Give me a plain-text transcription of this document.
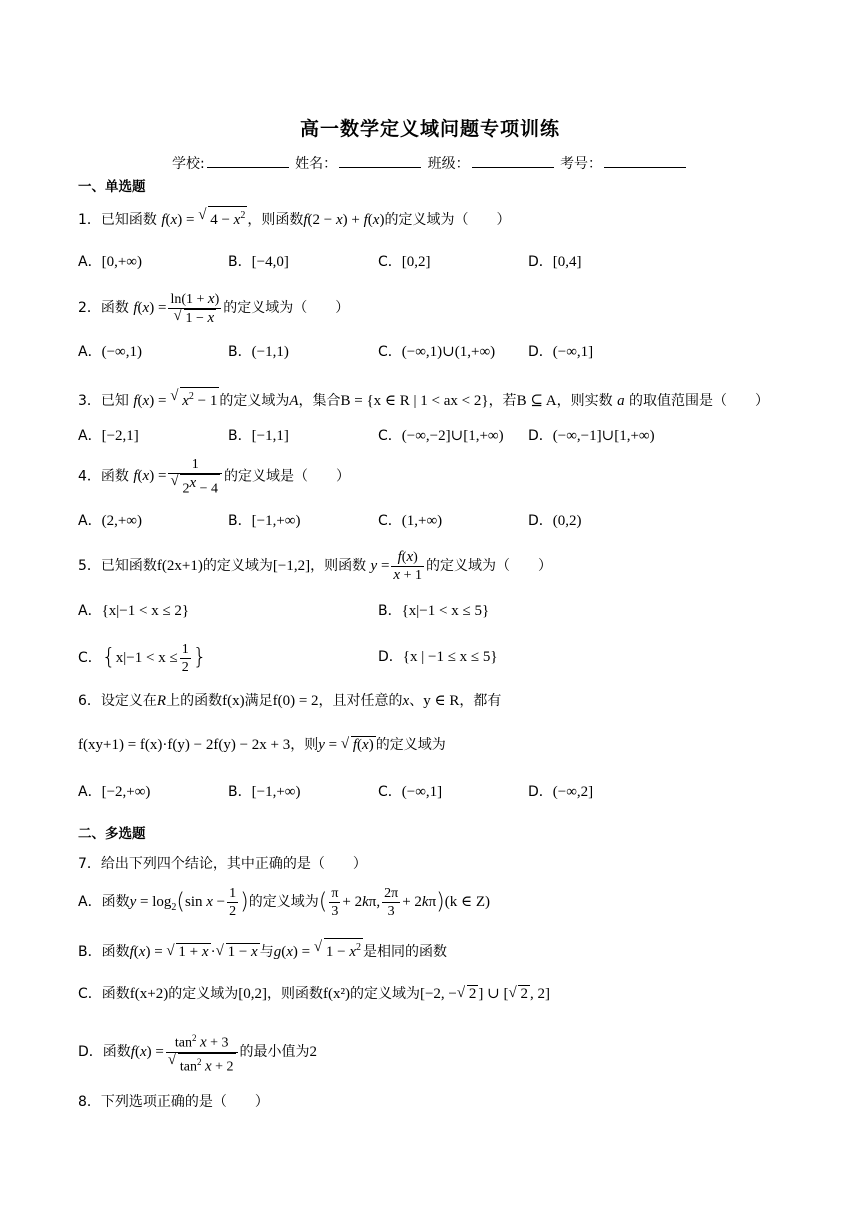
高一数学定义域问题专项训练
学校:	姓名：	班级：	考号：
一、单选题
1．已知函数 f(x) = √ $4 - x^2$ ，则函数f(2 − x) + f(x)的定义域为（　　）
A．[0,+∞)	B．[−4,0]	C．[0,2]	D．[0,4]
2．函数 $f(x) = \frac{\ln(1 + x)}{√ 1 - x}$ 的定义域为（　　）
A．(−∞,1)	B．(−1,1)	C．(−∞,1)∪(1,+∞) D．(−∞,1]
3．已知 f(x) = √ $x^2 - 1$ 的定义域为A，集合B = {x ∈ R | 1 < ax < 2}，若B ⊆ A，则实数 a 的取值范围是（　　）
A．[−2,1]	B．[−1,1]	C．(−∞,−2]∪[1,+∞) D．(−∞,−1]∪[1,+∞)
4．函数 f(x) = 1
√
$2^x - 4$ 的定义域是（　　）
A．(2,+∞)	B．[−1,+∞)	C．(1,+∞)	D．(0,2)
5．已知函数f(2x+1)的定义域为[−1,2]，则函数 $y = \frac{f(x)}{x + 1}$ 的定义域为（　　）
A．{x|−1 < x ≤ 2}	B．{x|−1 < x ≤ 5}
C．{$x|-1 < x \le \frac{1}{2}$ }	D．{x | −1 ≤ x ≤ 5}
6．设定义在R上的函数f(x)满足f(0) = 2，且对任意的x、y ∈ R，都有
f(xy+1) = f(x)·f(y) − 2f(y) − 2x + 3，则y = √ f(x) 的定义域为
A．[−2,+∞)	B．[−1,+∞)	C．(−∞,1]	D．(−∞,2]
二、多选题
7．给出下列四个结论，其中正确的是（　　）
A．函数$y = \log_2(\sin$ $x - \frac{1}{2}$ )的定义域为( $\frac{\pi}{3} + 2k\pi$, $\frac{2\pi}{3} + 2k\pi)(k$ ∈ Z)
B．函数f(x) = √ 1 + x · √ 1 − x 与g(x) = √ $1 - x^2$ 是相同的函数
C．函数f(x+2)的定义域为[0,2]，则函数f(x²)的定义域为[−2, − √ 2 ] ∪ [ √ 2 , 2]
D．函数$f(x) = \frac{\tan^2 x + 3}{√ \tan^2 x + 2}$ 的最小值为2
8．下列选项正确的是（　　）
